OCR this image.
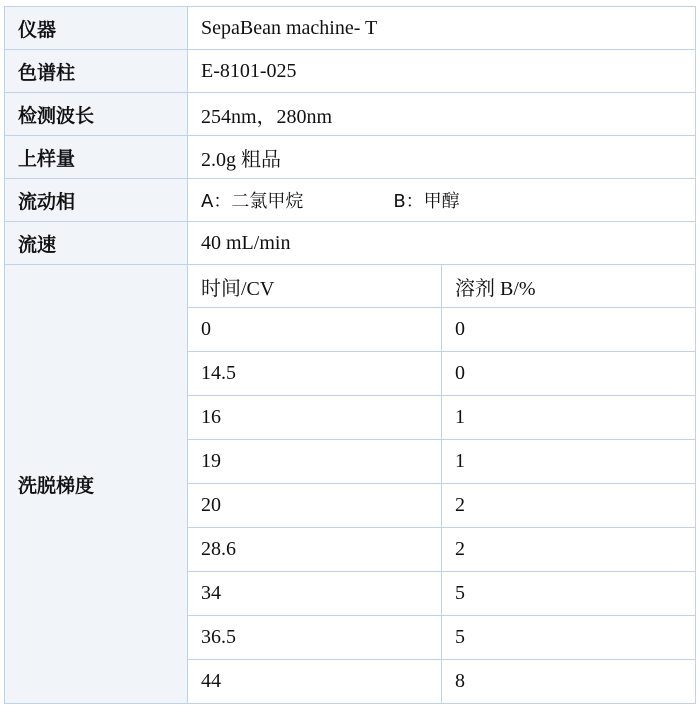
仪器	SepaBean machine- T	
色谱柱	E-8101-025	
检测波长	254nm，280nm	
上样量	2.0g 粗品	
流动相	A：二氯甲烷 B：甲醇	
流速	40 mL/min	
洗脱梯度	时间/CV	溶剂 B/%
	0	0
	14.5	0
	16	1
	19	1
	20	2
	28.6	2
	34	5
	36.5	5
	44	8
